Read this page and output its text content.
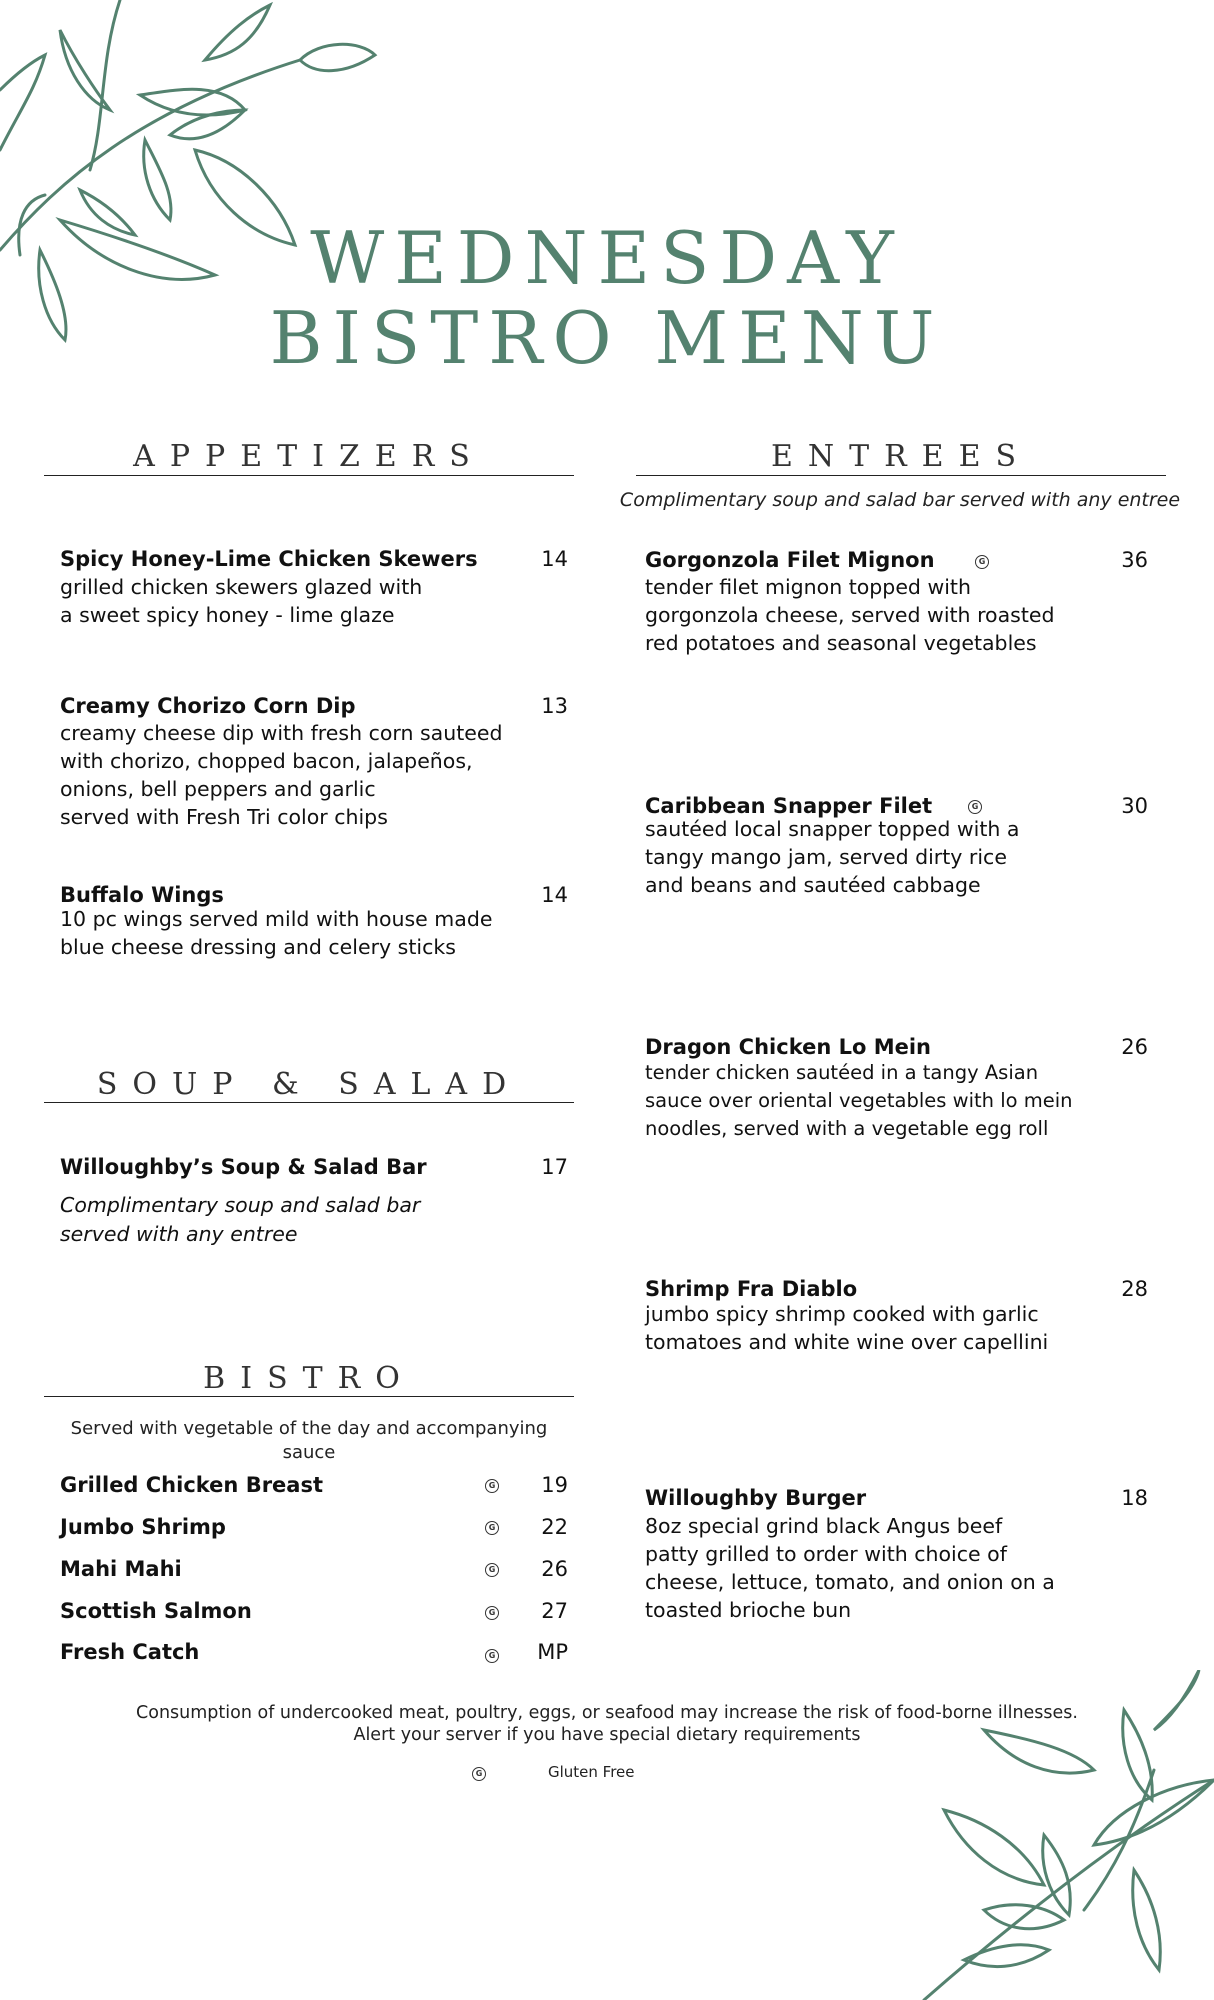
WEDNESDAY
BISTRO MENU
APPETIZERS
Spicy Honey-Lime Chicken Skewers	14
grilled chicken skewers glazed with
a sweet spicy honey - lime glaze
Creamy Chorizo Corn Dip	13
creamy cheese dip with fresh corn sauteed
with chorizo, chopped bacon, jalapeños,
onions, bell peppers and garlic
served with Fresh Tri color chips
Buffalo Wings	14
10 pc wings served mild with house made
blue cheese dressing and celery sticks
SOUP & SALAD
Willoughby’s Soup & Salad Bar	17
Complimentary soup and salad bar
served with any entree
BISTRO
Served with vegetable of the day and accompanying sauce
Grilled Chicken Breast	G	19
Jumbo Shrimp	G	22
Mahi Mahi	G	26
Scottish Salmon	G	27
Fresh Catch	G	MP
ENTREES
Complimentary soup and salad bar served with any entree
Gorgonzola Filet Mignon	G	36
tender filet mignon topped with
gorgonzola cheese, served with roasted
red potatoes and seasonal vegetables
Caribbean Snapper Filet	G	30
sautéed local snapper topped with a
tangy mango jam, served dirty rice
and beans and sautéed cabbage
Dragon Chicken Lo Mein	26
tender chicken sautéed in a tangy Asian
sauce over oriental vegetables with lo mein
noodles, served with a vegetable egg roll
Shrimp Fra Diablo	28
jumbo spicy shrimp cooked with garlic
tomatoes and white wine over capellini
Willoughby Burger	18
8oz special grind black Angus beef
patty grilled to order with choice of
cheese, lettuce, tomato, and onion on a
toasted brioche bun
Consumption of undercooked meat, poultry, eggs, or seafood may increase the risk of food-borne illnesses.
Alert your server if you have special dietary requirements
G	Gluten Free
